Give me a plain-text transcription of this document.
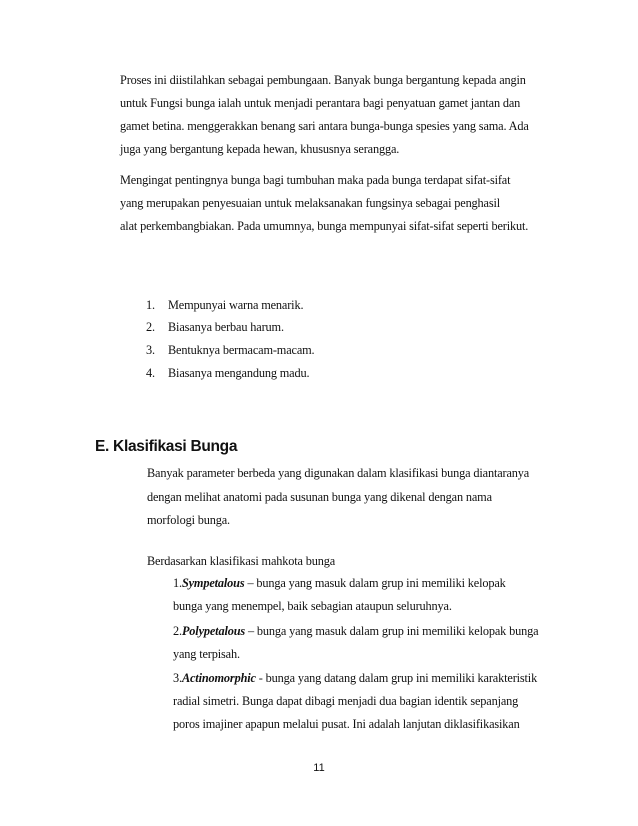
Proses ini diistilahkan sebagai pembungaan. Banyak bunga bergantung kepada angin
untuk Fungsi bunga ialah untuk menjadi perantara bagi penyatuan gamet jantan dan
gamet betina. menggerakkan benang sari antara bunga-bunga spesies yang sama. Ada
juga yang bergantung kepada hewan, khususnya serangga.
Mengingat pentingnya bunga bagi tumbuhan maka pada bunga terdapat sifat-sifat
yang merupakan penyesuaian untuk melaksanakan fungsinya sebagai penghasil
alat perkembangbiakan. Pada umumnya, bunga mempunyai sifat-sifat seperti berikut.
1. Mempunyai warna menarik.
2. Biasanya berbau harum.
3. Bentuknya bermacam-macam.
4. Biasanya mengandung madu.
E. Klasifikasi Bunga
Banyak parameter berbeda yang digunakan dalam klasifikasi bunga diantaranya
dengan melihat anatomi pada susunan bunga yang dikenal dengan nama
morfologi bunga.
Berdasarkan klasifikasi mahkota bunga
1.Sympetalous – bunga yang masuk dalam grup ini memiliki kelopak
bunga yang menempel, baik sebagian ataupun seluruhnya.
2.Polypetalous – bunga yang masuk dalam grup ini memiliki kelopak bunga
yang terpisah.
3.Actinomorphic - bunga yang datang dalam grup ini memiliki karakteristik
radial simetri. Bunga dapat dibagi menjadi dua bagian identik sepanjang
poros imajiner apapun melalui pusat. Ini adalah lanjutan diklasifikasikan
11
